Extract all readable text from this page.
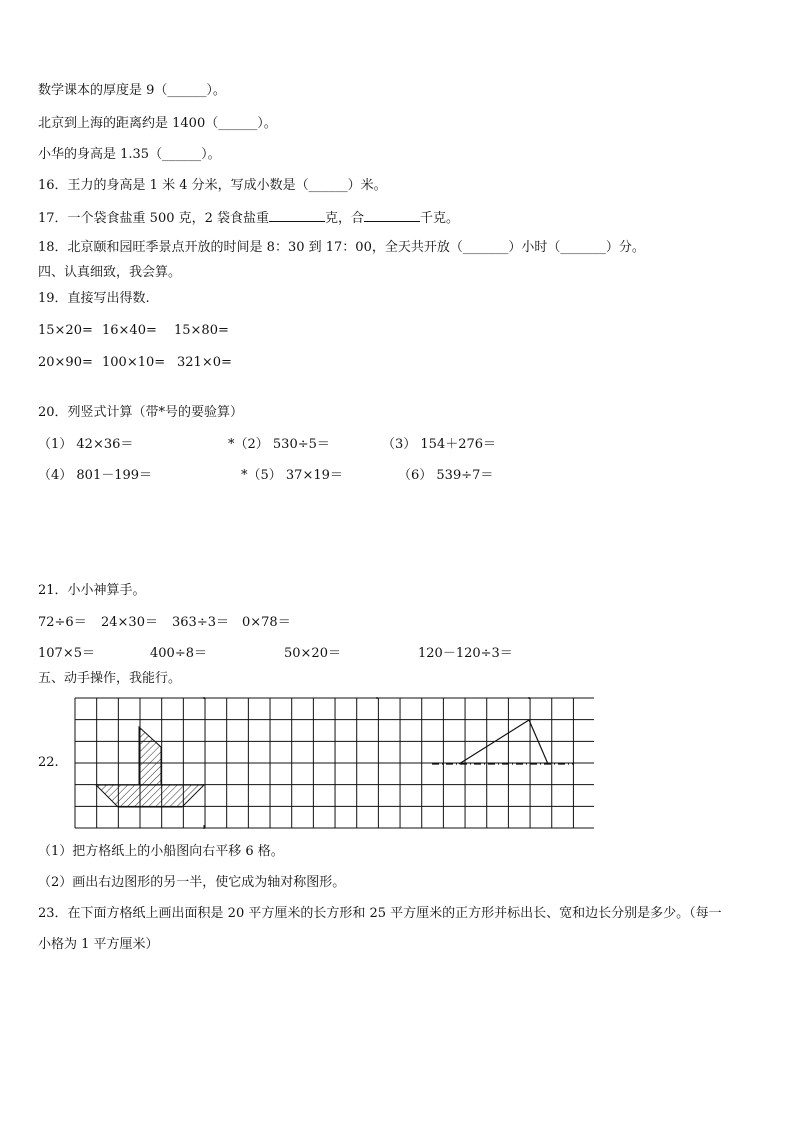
数学课本的厚度是 9（______）。
北京到上海的距离约是 1400（______）。
小华的身高是 1.35（______）。
16．王力的身高是 1 米 4 分米，写成小数是（______）米。
17．一个袋食盐重 500 克，2 袋食盐重	克，合	千克。
18．北京颐和园旺季景点开放的时间是 8：30 到 17：00，全天共开放（_______）小时（_______）分。
四、认真细致，我会算。
19．直接写出得数.
15×20= 16×40= 15×80=
20×90= 100×10= 321×0=
20．列竖式计算（带*号的要验算）
（1） 42×36＝	*（2） 530÷5＝	（3） 154＋276＝
（4） 801－199＝	*（5） 37×19＝	（6） 539÷7＝
21．小小神算手。
72÷6＝ 24×30＝ 363÷3＝ 0×78＝
107×5＝	400÷8＝	50×20＝	120－120÷3＝
五、动手操作，我能行。
22.
（1）把方格纸上的小船图向右平移 6 格。
（2）画出右边图形的另一半，使它成为轴对称图形。
23．在下面方格纸上画出面积是 20 平方厘米的长方形和 25 平方厘米的正方形并标出长、宽和边长分别是多少。（每一
小格为 1 平方厘米）
